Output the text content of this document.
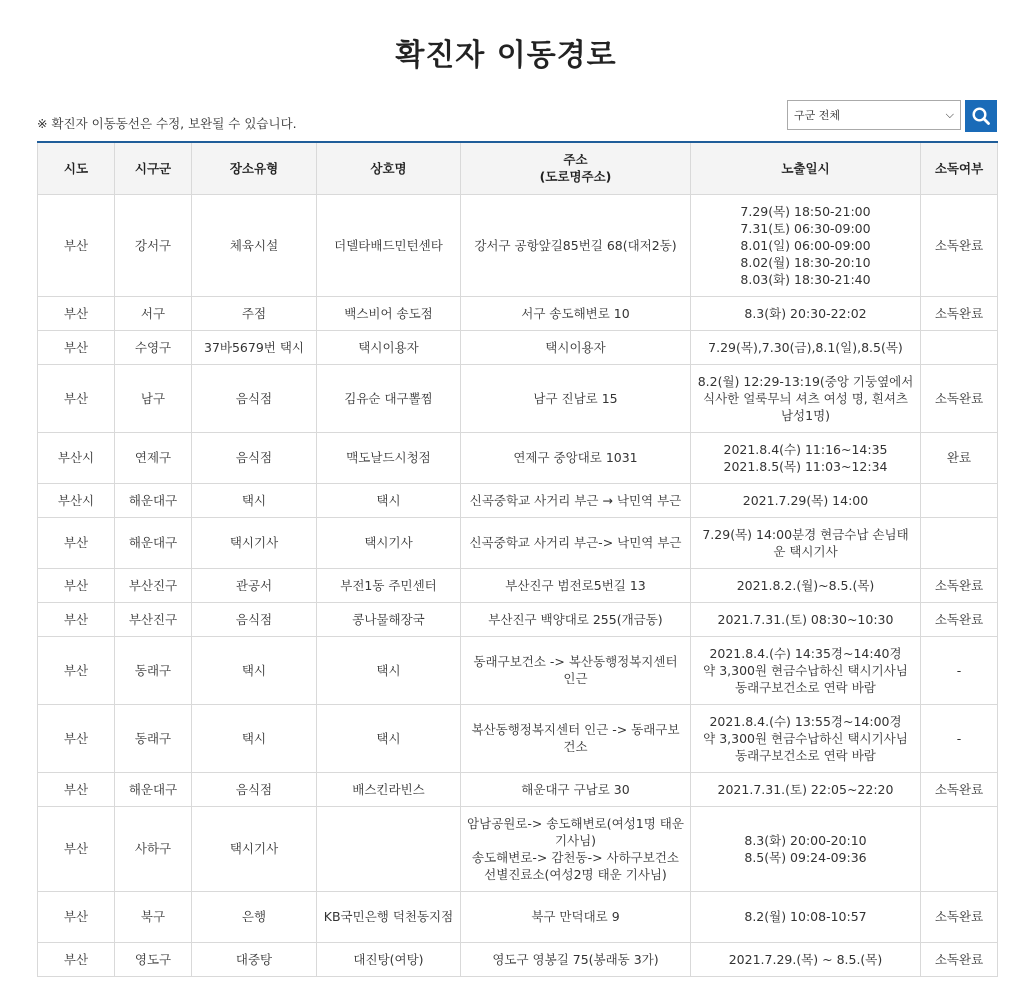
확진자 이동경로
※ 확진자 이동동선은 수정, 보완될 수 있습니다.
구군 전체	⌵
시도	시구군	장소유형	상호명	주소
(도로명주소)	노출일시	소독여부
부산	강서구	체육시설	더델타배드민턴센타	강서구 공항앞길85번길 68(대저2동)	7.29(목) 18:50-21:00
7.31(토) 06:30-09:00
8.01(일) 06:00-09:00
8.02(월) 18:30-20:10
8.03(화) 18:30-21:40	소독완료
부산	서구	주점	백스비어 송도점	서구 송도해변로 10	8.3(화) 20:30-22:02	소독완료
부산	수영구	37바5679번 택시	택시이용자	택시이용자	7.29(목),7.30(금),8.1(일),8.5(목)	
부산	남구	음식점	김유순 대구뽈찜	남구 진남로 15	8.2(월) 12:29-13:19(중앙 기둥옆에서 식사한 얼룩무늬 셔츠 여성 명, 흰셔츠 남성1명)	소독완료
부산시	연제구	음식점	맥도날드시청점	연제구 중앙대로 1031	2021.8.4(수) 11:16~14:35
2021.8.5(목) 11:03~12:34	완료
부산시	해운대구	택시	택시	신곡중학교 사거리 부근 → 낙민역 부근	2021.7.29(목) 14:00	
부산	해운대구	택시기사	택시기사	신곡중학교 사거리 부근-> 낙민역 부근	7.29(목) 14:00분경 현금수납 손님태운 택시기사	
부산	부산진구	관공서	부전1동 주민센터	부산진구 범전로5번길 13	2021.8.2.(월)~8.5.(목)	소독완료
부산	부산진구	음식점	콩나물해장국	부산진구 백양대로 255(개금동)	2021.7.31.(토) 08:30~10:30	소독완료
부산	동래구	택시	택시	동래구보건소 -> 복산동행정복지센터 인근	2021.8.4.(수) 14:35경~14:40경
약 3,300원 현금수납하신 택시기사님
동래구보건소로 연락 바람	-
부산	동래구	택시	택시	복산동행정복지센터 인근 -> 동래구보건소	2021.8.4.(수) 13:55경~14:00경
약 3,300원 현금수납하신 택시기사님
동래구보건소로 연락 바람	-
부산	해운대구	음식점	배스킨라빈스	해운대구 구남로 30	2021.7.31.(토) 22:05~22:20	소독완료
부산	사하구	택시기사		암남공원로-> 송도해변로(여성1명 태운 기사님)
송도해변로-> 감천동-> 사하구보건소 선별진료소(여성2명 태운 기사님)	8.3(화) 20:00-20:10
8.5(목) 09:24-09:36	
부산	북구	은행	KB국민은행 덕천동지점	북구 만덕대로 9	8.2(월) 10:08-10:57	소독완료
부산	영도구	대중탕	대진탕(여탕)	영도구 영봉길 75(봉래동 3가)	2021.7.29.(목) ~ 8.5.(목)	소독완료
